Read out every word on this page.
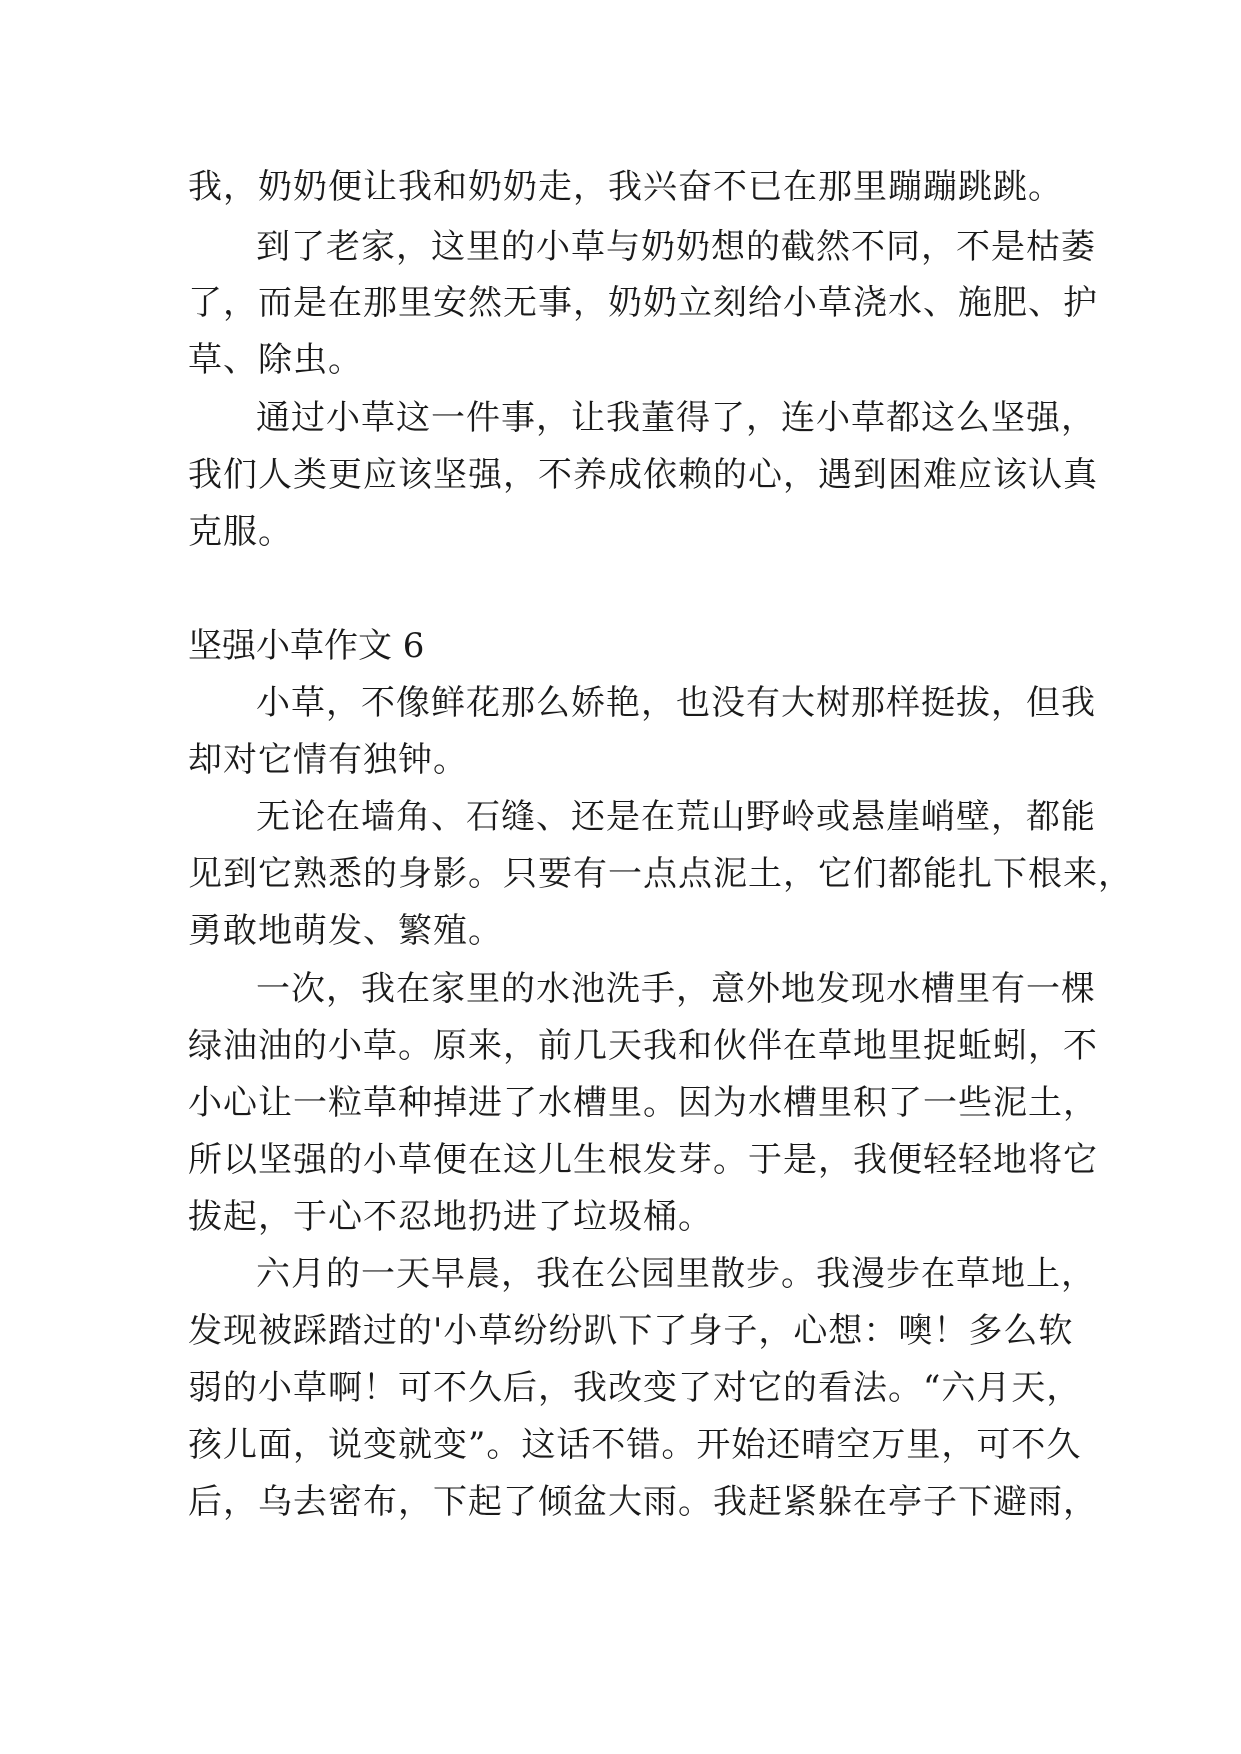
我，奶奶便让我和奶奶走，我兴奋不已在那里蹦蹦跳跳。
到了老家，这里的小草与奶奶想的截然不同，不是枯萎
了，而是在那里安然无事，奶奶立刻给小草浇水、施肥、护
草、除虫。
通过小草这一件事，让我董得了，连小草都这么坚强，
我们人类更应该坚强，不养成依赖的心，遇到困难应该认真
克服。
坚强小草作文 6
小草，不像鲜花那么娇艳，也没有大树那样挺拔，但我
却对它情有独钟。
无论在墙角、石缝、还是在荒山野岭或悬崖峭壁，都能
见到它熟悉的身影。只要有一点点泥土，它们都能扎下根来，
勇敢地萌发、繁殖。
一次，我在家里的水池洗手，意外地发现水槽里有一棵
绿油油的小草。原来，前几天我和伙伴在草地里捉蚯蚓，不
小心让一粒草种掉进了水槽里。因为水槽里积了一些泥土，
所以坚强的小草便在这儿生根发芽。于是，我便轻轻地将它
拔起，于心不忍地扔进了垃圾桶。
六月的一天早晨，我在公园里散步。我漫步在草地上，
发现被踩踏过的'小草纷纷趴下了身子，心想：噢！多么软
弱的小草啊！可不久后，我改变了对它的看法。“六月天，
孩儿面，说变就变”。这话不错。开始还晴空万里，可不久
后，乌去密布，下起了倾盆大雨。我赶紧躲在亭子下避雨，
